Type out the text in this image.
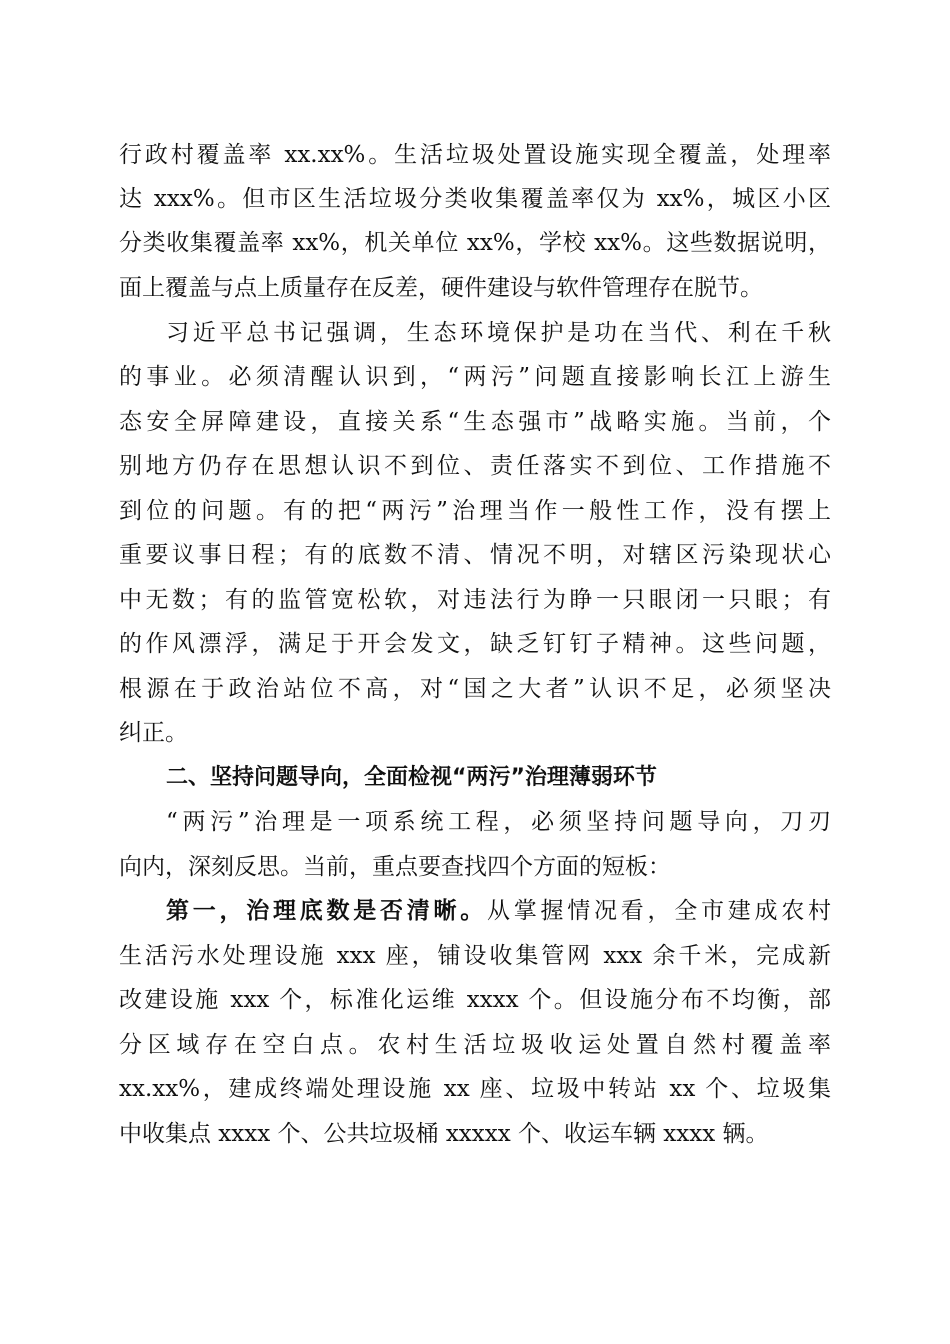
行政村覆盖率 xx.xx%。生活垃圾处置设施实现全覆盖，处理率
达 xxx%。但市区生活垃圾分类收集覆盖率仅为 xx%，城区小区
分类收集覆盖率 xx%，机关单位 xx%，学校 xx%。这些数据说明，
面上覆盖与点上质量存在反差，硬件建设与软件管理存在脱节。
习近平总书记强调，生态环境保护是功在当代、利在千秋
的事业。必须清醒认识到，“两污”问题直接影响长江上游生
态安全屏障建设，直接关系“生态强市”战略实施。当前，个
别地方仍存在思想认识不到位、责任落实不到位、工作措施不
到位的问题。有的把“两污”治理当作一般性工作，没有摆上
重要议事日程；有的底数不清、情况不明，对辖区污染现状心
中无数；有的监管宽松软，对违法行为睁一只眼闭一只眼；有
的作风漂浮，满足于开会发文，缺乏钉钉子精神。这些问题，
根源在于政治站位不高，对“国之大者”认识不足，必须坚决
纠正。
二、坚持问题导向，全面检视“两污”治理薄弱环节
“两污”治理是一项系统工程，必须坚持问题导向，刀刃
向内，深刻反思。当前，重点要查找四个方面的短板：
第一，治理底数是否清晰。从掌握情况看，全市建成农村
生活污水处理设施 xxx 座，铺设收集管网 xxx 余千米，完成新
改建设施 xxx 个，标准化运维 xxxx 个。但设施分布不均衡，部
分区域存在空白点。农村生活垃圾收运处置自然村覆盖率
xx.xx%，建成终端处理设施 xx 座、垃圾中转站 xx 个、垃圾集
中收集点 xxxx 个、公共垃圾桶 xxxxx 个、收运车辆 xxxx 辆。
